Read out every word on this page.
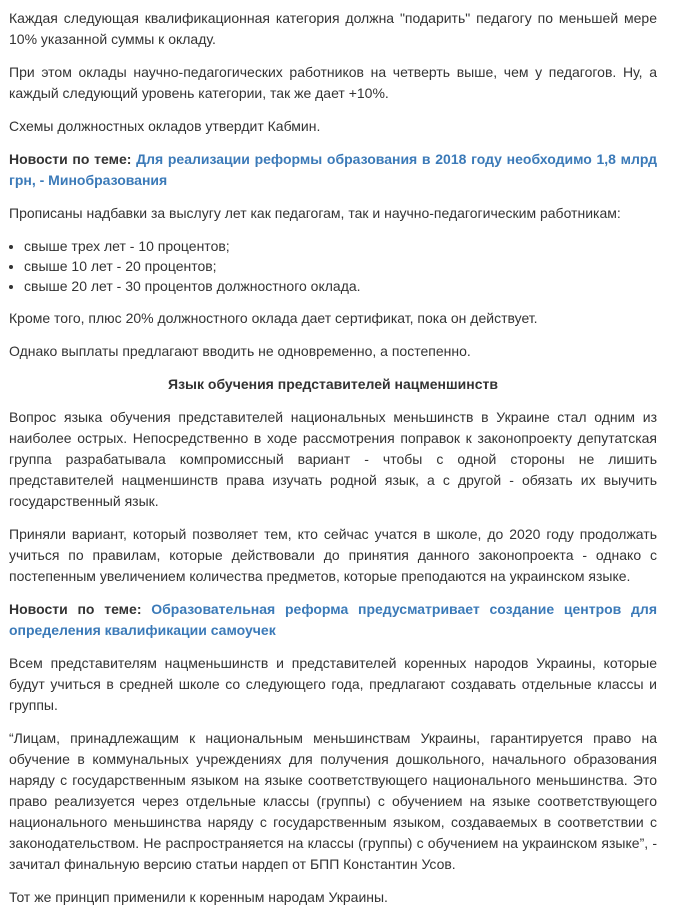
Каждая следующая квалификационная категория должна "подарить" педагогу по меньшей мере 10% указанной суммы к окладу.

При этом оклады научно-педагогических работников на четверть выше, чем у педагогов. Ну, а каждый следующий уровень категории, так же дает +10%.

Схемы должностных окладов утвердит Кабмин.

Новости по теме: Для реализации реформы образования в 2018 году необходимо 1,8 млрд грн, - Минобразования

Прописаны надбавки за выслугу лет как педагогам, так и научно-педагогическим работникам:

• свыше трех лет - 10 процентов;
• свыше 10 лет - 20 процентов;
• свыше 20 лет - 30 процентов должностного оклада.

Кроме того, плюс 20% должностного оклада дает сертификат, пока он действует.

Однако выплаты предлагают вводить не одновременно, а постепенно.

Язык обучения представителей нацменшинств

Вопрос языка обучения представителей национальных меньшинств в Украине стал одним из наиболее острых. Непосредственно в ходе рассмотрения поправок к законопроекту депутатская группа разрабатывала компромиссный вариант - чтобы с одной стороны не лишить представителей нацменшинств права изучать родной язык, а с другой - обязать их выучить государственный язык.

Приняли вариант, который позволяет тем, кто сейчас учатся в школе, до 2020 году продолжать учиться по правилам, которые действовали до принятия данного законопроекта - однако с постепенным увеличением количества предметов, которые преподаются на украинском языке.

Новости по теме: Образовательная реформа предусматривает создание центров для определения квалификации самоучек

Всем представителям нацменьшинств и представителей коренных народов Украины, которые будут учиться в средней школе со следующего года, предлагают создавать отдельные классы и группы.

“Лицам, принадлежащим к национальным меньшинствам Украины, гарантируется право на обучение в коммунальных учреждениях для получения дошкольного, начального образования наряду с государственным языком на языке соответствующего национального меньшинства. Это право реализуется через отдельные классы (группы) с обучением на языке соответствующего национального меньшинства наряду с государственным языком, создаваемых в соответствии с законодательством. Не распространяется на классы (группы) с обучением на украинском языке”, - зачитал финальную версию статьи нардеп от БПП Константин Усов.

Тот же принцип применили к коренным народам Украины.
